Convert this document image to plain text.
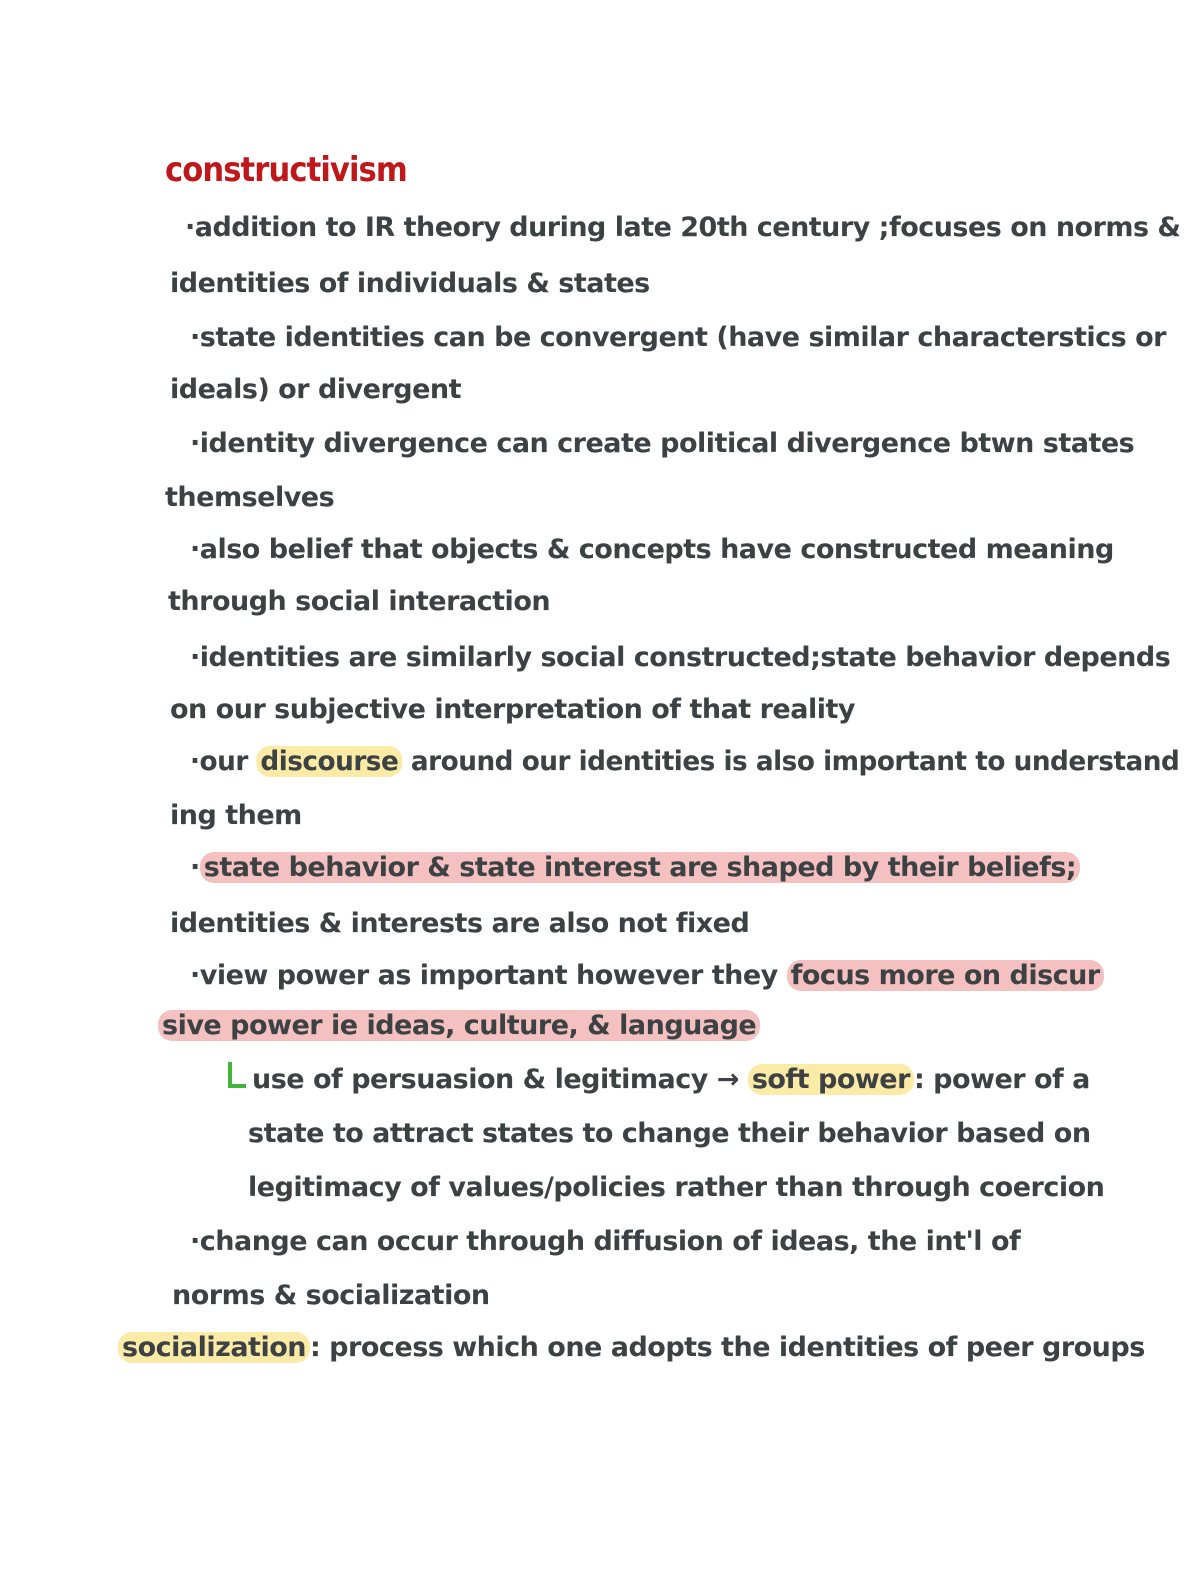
constructivism
·addition to IR theory during late 20th century ;focuses on norms &
identities of individuals & states
·state identities can be convergent (have similar characterstics or
ideals) or divergent
·identity divergence can create political divergence btwn states
themselves
·also belief that objects & concepts have constructed meaning
through social interaction
·identities are similarly social constructed;state behavior depends
on our subjective interpretation of that reality
·our discourse around our identities is also important to understand
ing them
· state behavior & state interest are shaped by their beliefs;
identities & interests are also not fixed
·view power as important however they focus more on discur
sive power ie ideas, culture, & language
use of persuasion & legitimacy → soft power : power of a
state to attract states to change their behavior based on
legitimacy of values/policies rather than through coercion
·change can occur through diffusion of ideas, the int'l of
norms & socialization
socialization : process which one adopts the identities of peer groups
